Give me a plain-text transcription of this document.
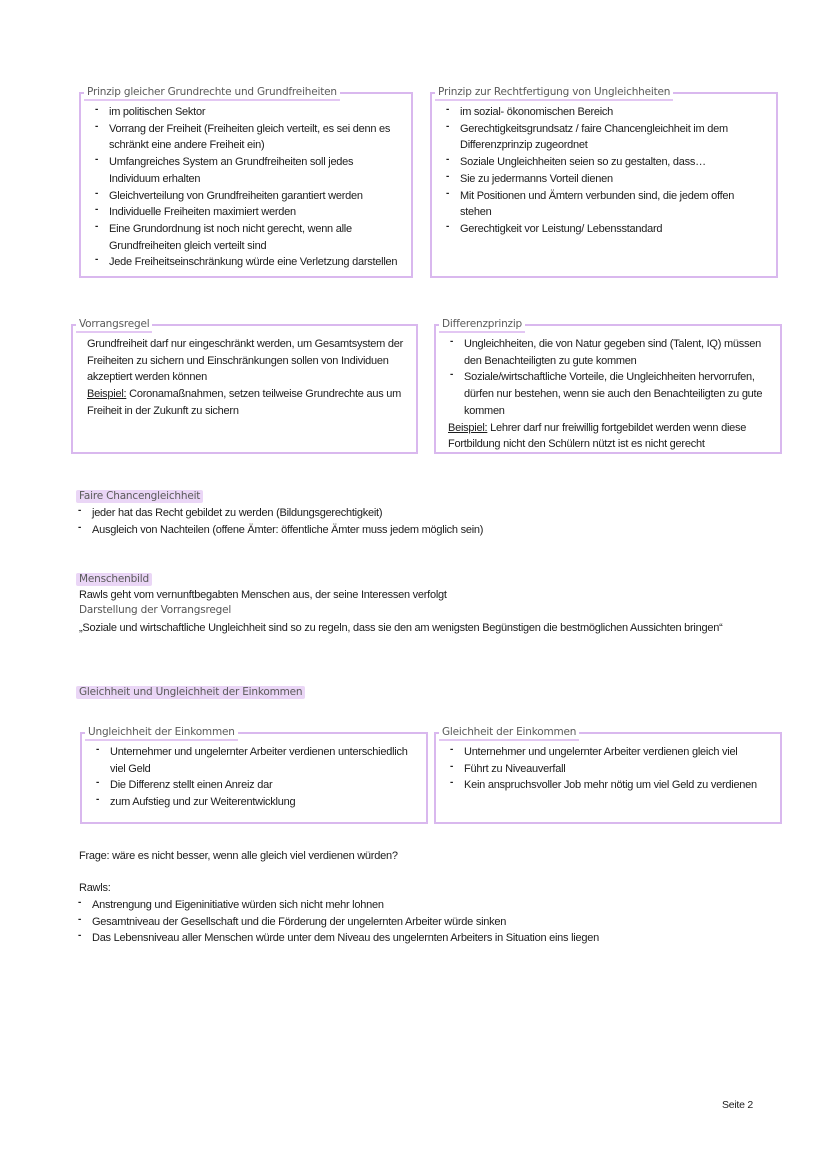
Prinzip gleicher Grundrechte und Grundfreiheiten
- im politischen Sektor
- Vorrang der Freiheit (Freiheiten gleich verteilt, es sei denn es schränkt eine andere Freiheit ein)
- Umfangreiches System an Grundfreiheiten soll jedes Individuum erhalten
- Gleichverteilung von Grundfreiheiten garantiert werden
- Individuelle Freiheiten maximiert werden
- Eine Grundordnung ist noch nicht gerecht, wenn alle Grundfreiheiten gleich verteilt sind
- Jede Freiheitseinschränkung würde eine Verletzung darstellen
Prinzip zur Rechtfertigung von Ungleichheiten
- im sozial- ökonomischen Bereich
- Gerechtigkeitsgrundsatz / faire Chancengleichheit im dem Differenzprinzip zugeordnet
- Soziale Ungleichheiten seien so zu gestalten, dass…
- Sie zu jedermanns Vorteil dienen
- Mit Positionen und Ämtern verbunden sind, die jedem offen stehen
- Gerechtigkeit vor Leistung/ Lebensstandard
Vorrangsregel
Grundfreiheit darf nur eingeschränkt werden, um Gesamtsystem der Freiheiten zu sichern und Einschränkungen sollen von Individuen akzeptiert werden können
Beispiel: Coronamaßnahmen, setzen teilweise Grundrechte aus um Freiheit in der Zukunft zu sichern
Differenzprinzip
- Ungleichheiten, die von Natur gegeben sind (Talent, IQ) müssen den Benachteiligten zu gute kommen
- Soziale/wirtschaftliche Vorteile, die Ungleichheiten hervorrufen, dürfen nur bestehen, wenn sie auch den Benachteiligten zu gute kommen
Beispiel: Lehrer darf nur freiwillig fortgebildet werden wenn diese Fortbildung nicht den Schülern nützt ist es nicht gerecht
Faire Chancengleichheit
- jeder hat das Recht gebildet zu werden (Bildungsgerechtigkeit)
- Ausgleich von Nachteilen (offene Ämter: öffentliche Ämter muss jedem möglich sein)
Menschenbild
Rawls geht vom vernunftbegabten Menschen aus, der seine Interessen verfolgt
Darstellung der Vorrangsregel
„Soziale und wirtschaftliche Ungleichheit sind so zu regeln, dass sie den am wenigsten Begünstigen die bestmöglichen Aussichten bringen“
Gleichheit und Ungleichheit der Einkommen
Ungleichheit der Einkommen
- Unternehmer und ungelernter Arbeiter verdienen unterschiedlich viel Geld
- Die Differenz stellt einen Anreiz dar
- zum Aufstieg und zur Weiterentwicklung
Gleichheit der Einkommen
- Unternehmer und ungelernter Arbeiter verdienen gleich viel
- Führt zu Niveauverfall
- Kein anspruchsvoller Job mehr nötig um viel Geld zu verdienen
Frage: wäre es nicht besser, wenn alle gleich viel verdienen würden?
Rawls:
- Anstrengung und Eigeninitiative würden sich nicht mehr lohnen
- Gesamtniveau der Gesellschaft und die Förderung der ungelernten Arbeiter würde sinken
- Das Lebensniveau aller Menschen würde unter dem Niveau des ungelernten Arbeiters in Situation eins liegen
Seite 2
